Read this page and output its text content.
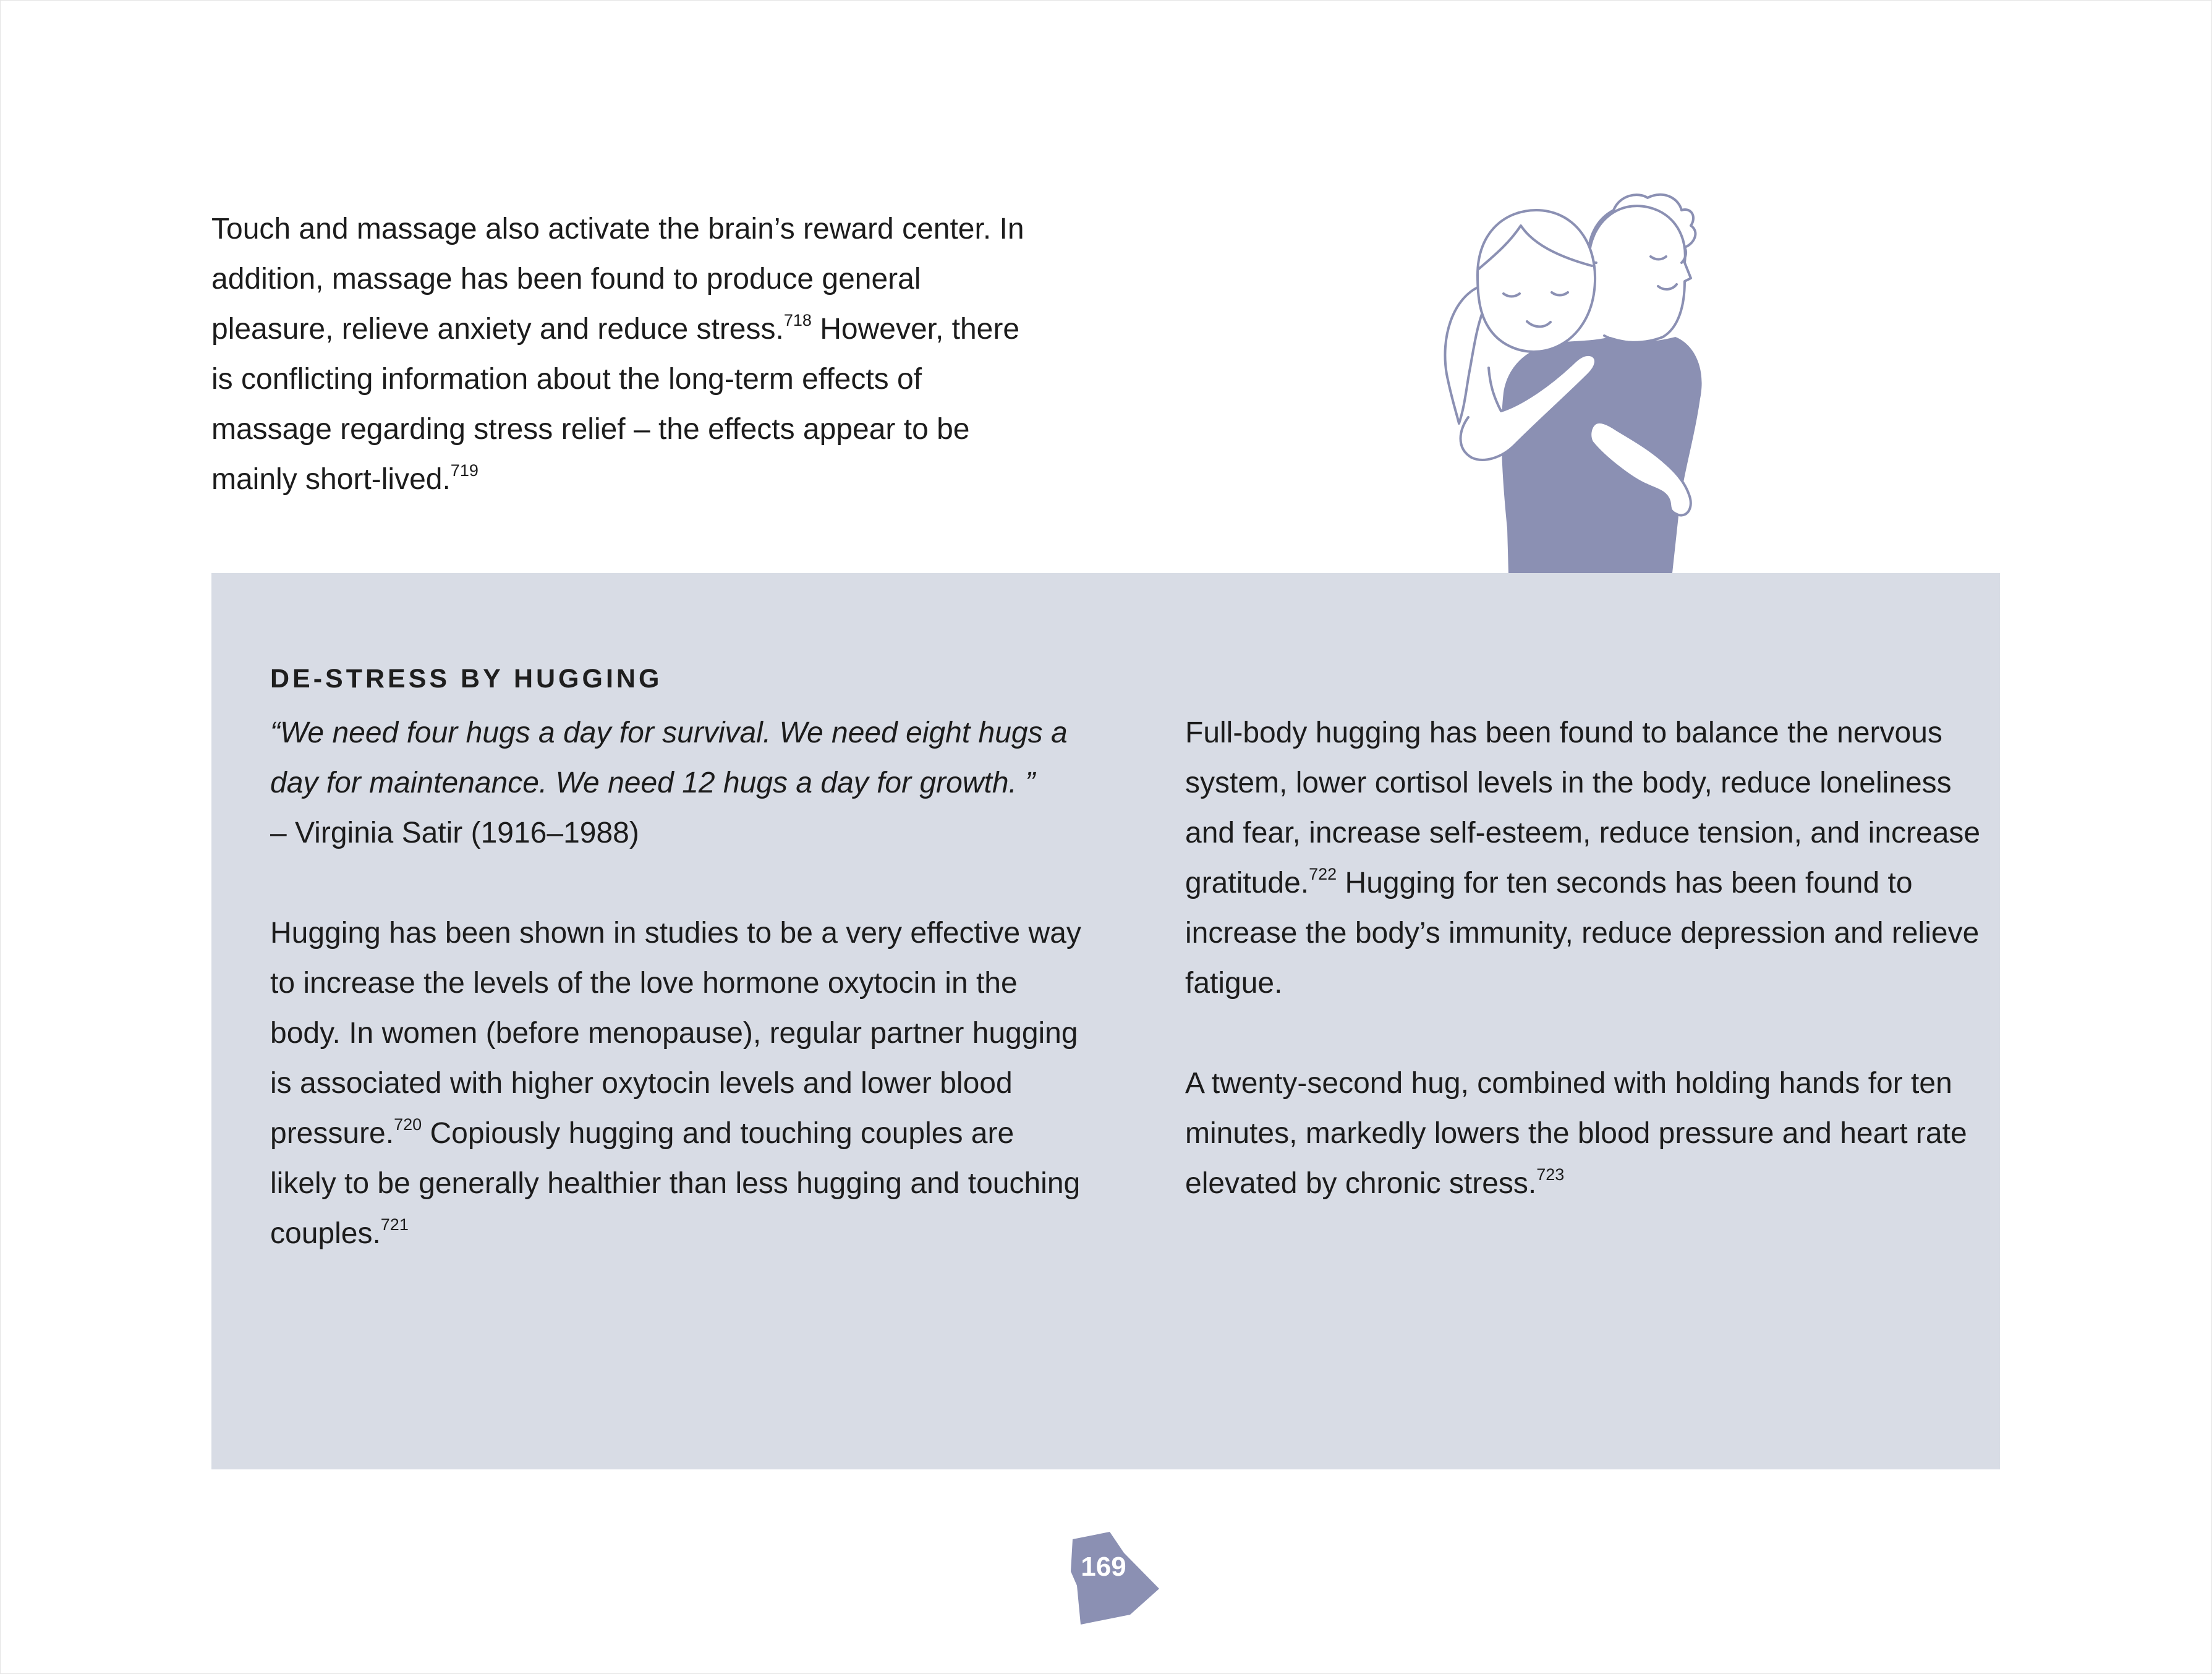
Touch and massage also activate the brain’s reward center. In addition, massage has been found to produce general pleasure, relieve anxiety and reduce stress.$^{718}$ However, there is conflicting information about the long-term effects of massage regarding stress relief – the effects appear to be mainly short-lived.$^{719}$

DE-STRESS BY HUGGING

“We need four hugs a day for survival. We need eight hugs a day for maintenance. We need 12 hugs a day for growth. ”

– Virginia Satir (1916–1988)

Hugging has been shown in studies to be a very effective way to increase the levels of the love hormone oxytocin in the body. In women (before menopause), regular partner hugging is associated with higher oxytocin levels and lower blood pressure.$^{720}$ Copiously hugging and touching couples are likely to be generally healthier than less hugging and touching couples.$^{721}$

Full-body hugging has been found to balance the nervous system, lower cortisol levels in the body, reduce loneliness and fear, increase self-esteem, reduce tension, and increase gratitude.$^{722}$ Hugging for ten seconds has been found to increase the body’s immunity, reduce depression and relieve fatigue.

A twenty-second hug, combined with holding hands for ten minutes, markedly lowers the blood pressure and heart rate elevated by chronic stress.$^{723}$

169
